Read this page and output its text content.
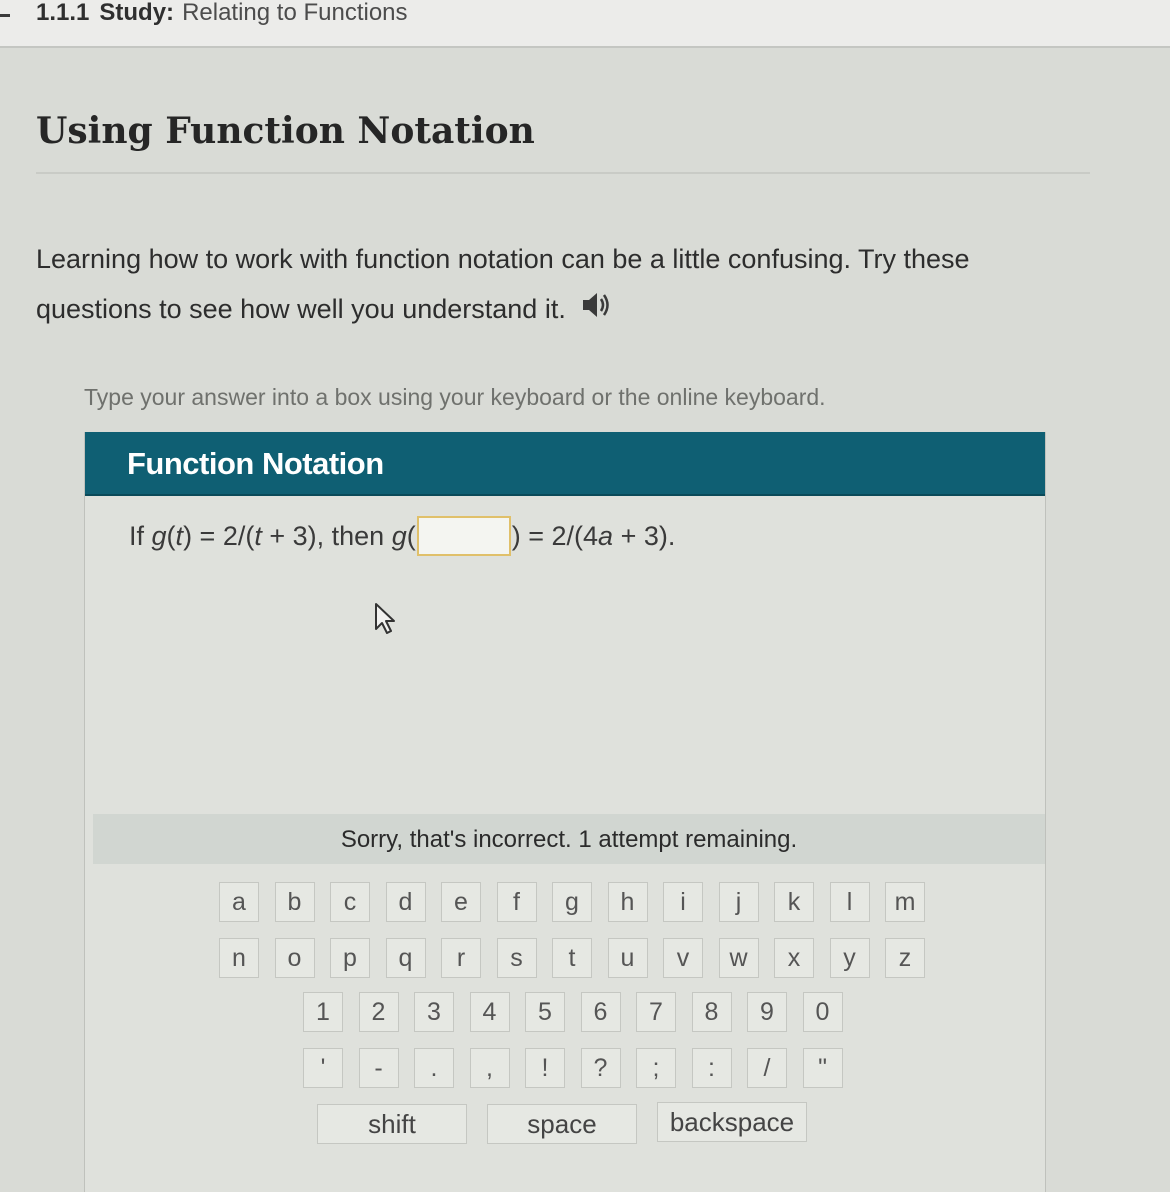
1.1.1 Study: Relating to Functions
Using Function Notation
Learning how to work with function notation can be a little confusing. Try these questions to see how well you understand it.
Type your answer into a box using your keyboard or the online keyboard.
Function Notation
If g(t) = 2/(t + 3), then g(	) = 2/(4a + 3).
Sorry, that's incorrect. 1 attempt remaining.
a	b	c	d	e	f	g	h	i	j	k	l	m
n	o	p	q	r	s	t	u	v	w	x	y	z
1	2	3	4	5	6	7	8	9	0
'	-	.	,	!	?	;	:	/	"
shift	space	backspace
